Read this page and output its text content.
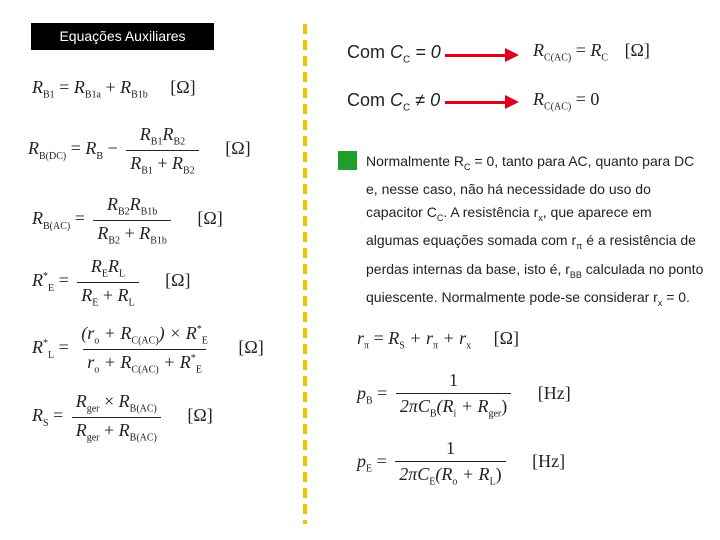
Equações Auxiliares
$R_{B1} = R_{B1a} + R_{B1b}$ [Ω]
$R_{B(DC)} = R_B - \frac{R_{B1}R_{B2}}{R_{B1} + R_{B2}} [\Omega]$
$R_{B(AC)} = \frac{R_{B2}R_{B1b}}{R_{B2} + R_{B1b}} [\Omega]$
$R^*_E = \frac{R_ER_L}{R_E + R_L} [\Omega]$
$R^*_L = \frac{(r_o + R_{C(AC)}) \times R^*_E}{r_o + R_{C(AC)} + R^*_E} [\Omega]$
$R_S = \frac{R_{ger} \times R_{B(AC)}}{R_{ger} + R_{B(AC)}} [\Omega]$
Com $C_C = 0$	$R_{C(AC)} = R_C$ [Ω]
Com $C_C \ne 0$	$R_{C(AC)} = 0$
Normalmente $R_C = 0$, tanto para AC, quanto para DC e, nesse caso, não há necessidade do uso do capacitor $C_C$. A resistência $r_x$, que aparece em algumas equações somada com $r_\pi$ é a resistência de perdas internas da base, isto é, $r_{BB}$ calculada no ponto quiescente. Normalmente pode-se considerar $r_x = 0$.
$r_\pi = R_S + r_\pi + r_x$ [Ω]
$p_B = \frac{1}{2\pi C_B(R_i + R_{ger})} [Hz]$
$p_E = \frac{1}{2\pi C_E(R_o + R_L)} [Hz]$
